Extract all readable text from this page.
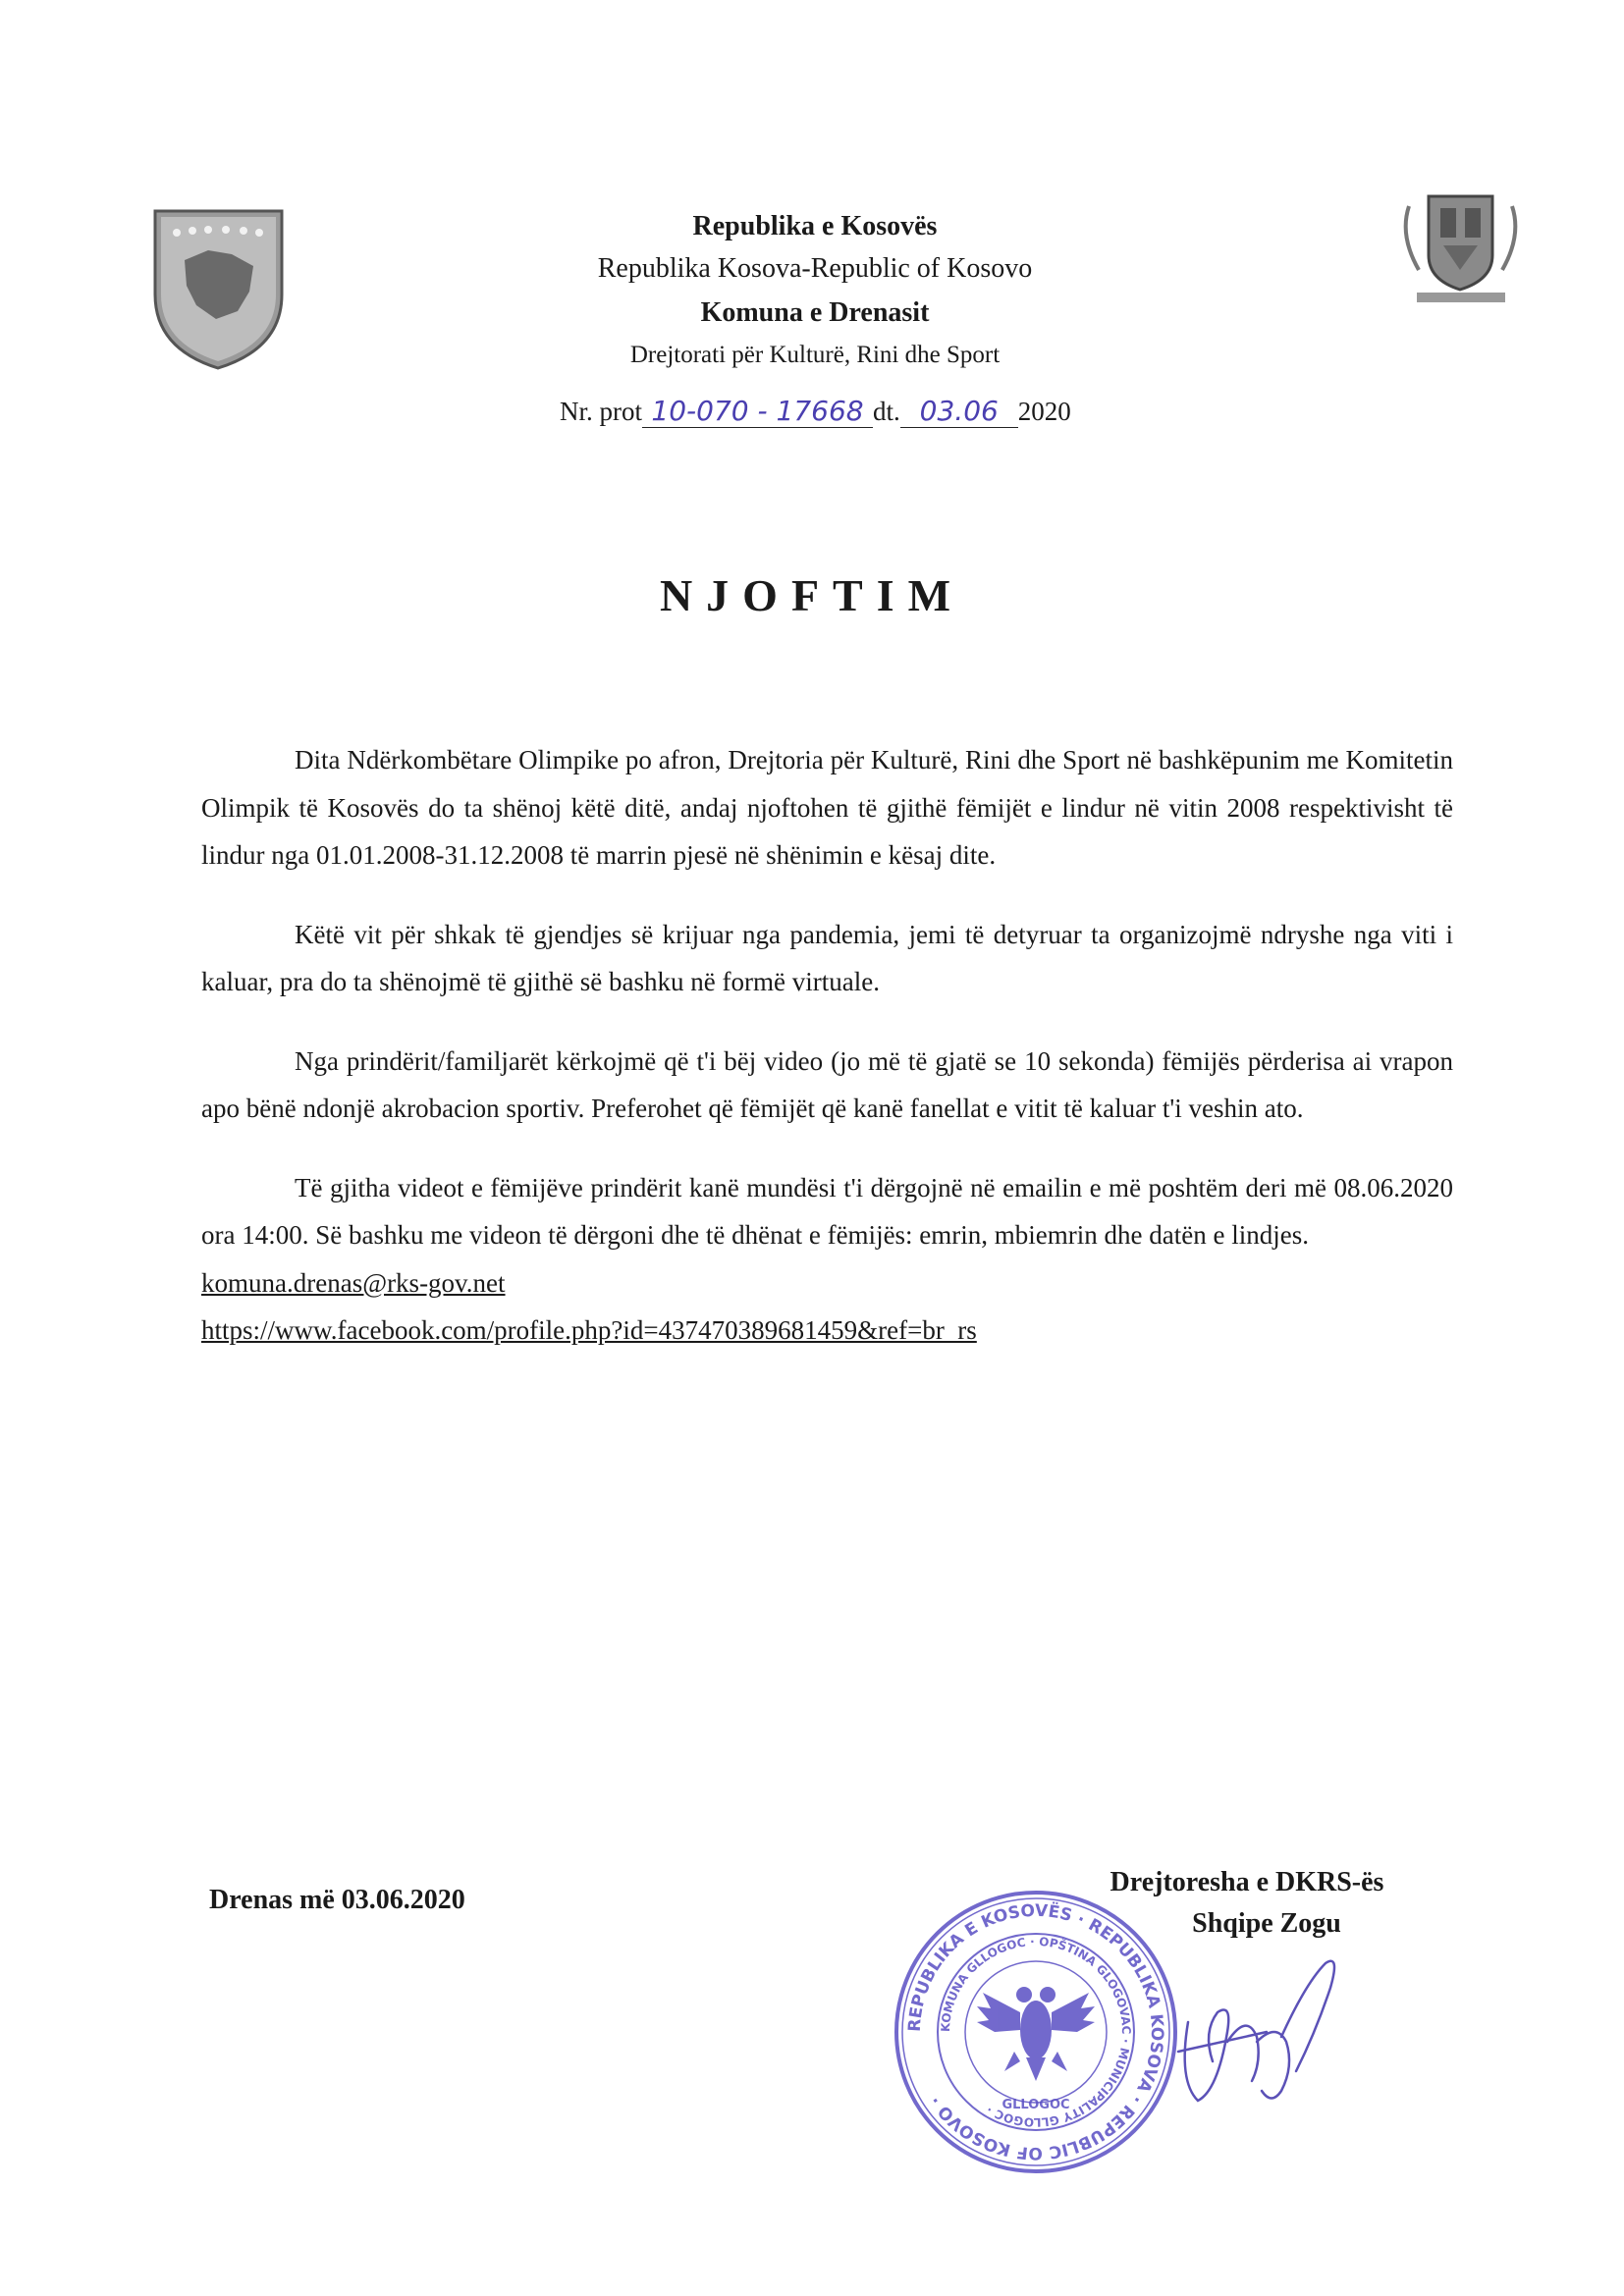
Republika e Kosovës
Republika Kosova-Republic of Kosovo
Komuna e Drenasit
Drejtorati për Kulturë, Rini dhe Sport
Nr. prot 10-070 - 17668 dt. 03.06 2020
NJOFTIM

Dita Ndërkombëtare Olimpike po afron, Drejtoria për Kulturë, Rini dhe Sport në bashkëpunim me Komitetin Olimpik të Kosovës do ta shënoj këtë ditë, andaj njoftohen të gjithë fëmijët e lindur në vitin 2008 respektivisht të lindur nga 01.01.2008-31.12.2008 të marrin pjesë në shënimin e kësaj dite.

Këtë vit për shkak të gjendjes së krijuar nga pandemia, jemi të detyruar ta organizojmë ndryshe nga viti i kaluar, pra do ta shënojmë të gjithë së bashku në formë virtuale.

Nga prindërit/familjarët kërkojmë që t'i bëj video (jo më të gjatë se 10 sekonda) fëmijës përderisa ai vrapon apo bënë ndonjë akrobacion sportiv. Preferohet që fëmijët që kanë fanellat e vitit të kaluar t'i veshin ato.

Të gjitha videot e fëmijëve prindërit kanë mundësi t'i dërgojnë në emailin e më poshtëm deri më 08.06.2020 ora 14:00. Së bashku me videon të dërgoni dhe të dhënat e fëmijës: emrin, mbiemrin dhe datën e lindjes.

komuna.drenas@rks-gov.net
https://www.facebook.com/profile.php?id=437470389681459&ref=br_rs
Drenas më 03.06.2020
REPUBLIKA E KOSOVËS · REPUBLIKA KOSOVA · REPUBLIC OF KOSOVO ·
KOMUNA GLLOGOC · OPŠTINA GLOGOVAC · MUNICIPALITY GLLOGOC · GLLOGOC
Drejtoresha e DKRS-ës
Shqipe Zogu
